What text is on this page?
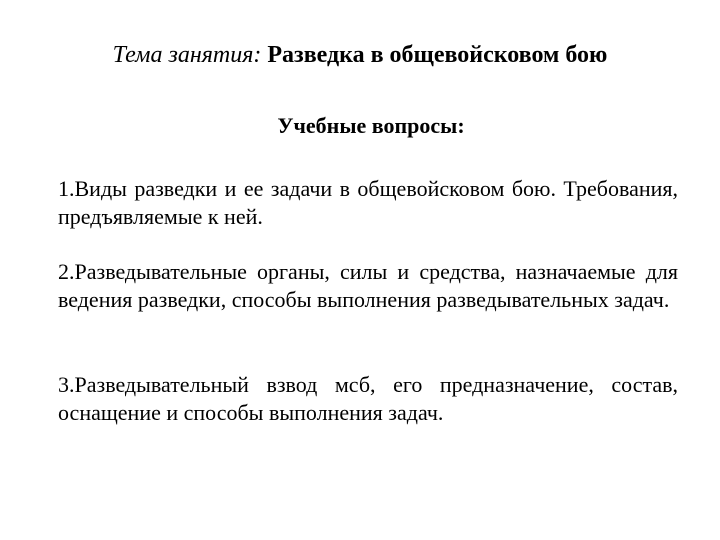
Тема занятия: Разведка в общевойсковом бою
Учебные вопросы:
1.Виды разведки и ее задачи в общевойсковом бою. Требования, предъявляемые к ней.
2.Разведывательные органы, силы и средства, назначаемые для ведения разведки, способы выполнения разведывательных задач.
3.Разведывательный взвод мсб, его предназначение, состав, оснащение и способы выполнения задач.
